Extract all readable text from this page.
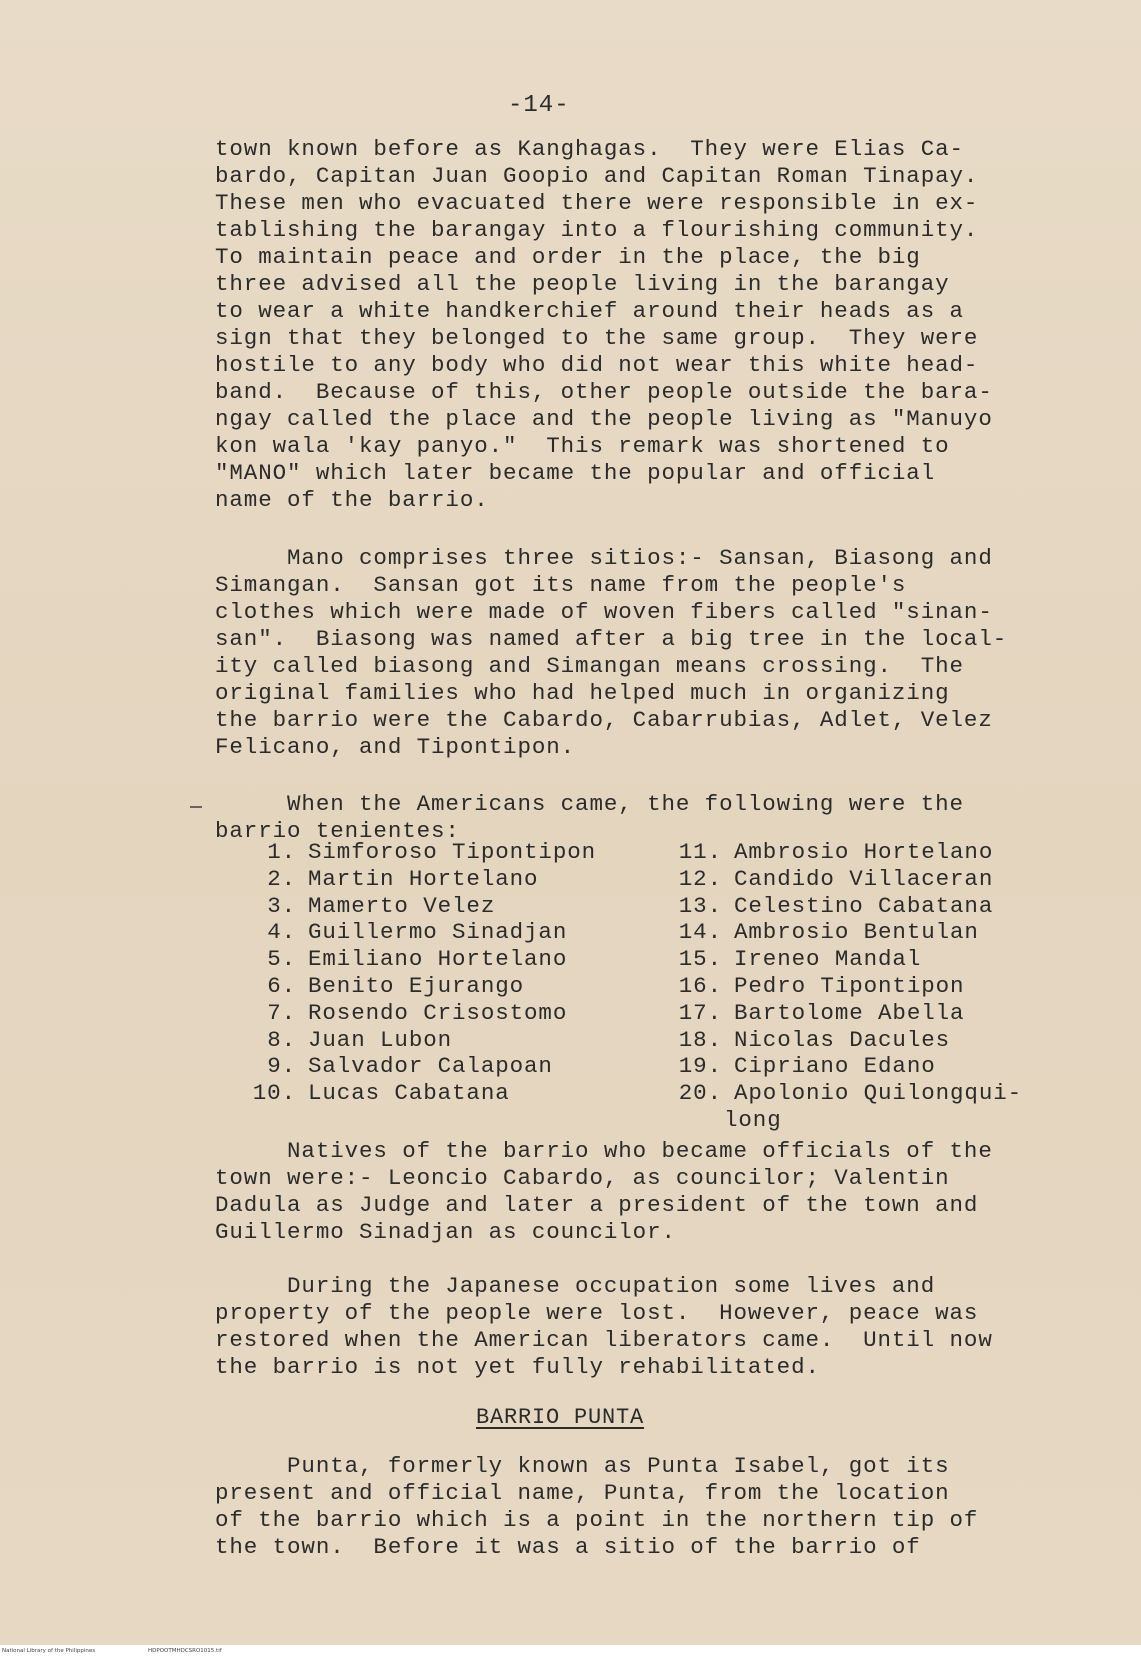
-14-
town known before as Kanghagas.  They were Elias Ca-
bardo, Capitan Juan Goopio and Capitan Roman Tinapay.
These men who evacuated there were responsible in ex-
tablishing the barangay into a flourishing community.
To maintain peace and order in the place, the big
three advised all the people living in the barangay
to wear a white handkerchief around their heads as a
sign that they belonged to the same group.  They were
hostile to any body who did not wear this white head-
band.  Because of this, other people outside the bara-
ngay called the place and the people living as "Manuyo
kon wala 'kay panyo."  This remark was shortened to
"MANO" which later became the popular and official
name of the barrio.
Mano comprises three sitios:- Sansan, Biasong and
Simangan.  Sansan got its name from the people's
clothes which were made of woven fibers called "sinan-
san".  Biasong was named after a big tree in the local-
ity called biasong and Simangan means crossing.  The
original families who had helped much in organizing
the barrio were the Cabardo, Cabarrubias, Adlet, Velez
Felicano, and Tipontipon.
When the Americans came, the following were the
barrio tenientes:
1. Simforoso Tipontipon
2. Martin Hortelano
3. Mamerto Velez
4. Guillermo Sinadjan
5. Emiliano Hortelano
6. Benito Ejurango
7. Rosendo Crisostomo
8. Juan Lubon
9. Salvador Calapoan
10. Lucas Cabatana
11. Ambrosio Hortelano
12. Candido Villaceran
13. Celestino Cabatana
14. Ambrosio Bentulan
15. Ireneo Mandal
16. Pedro Tipontipon
17. Bartolome Abella
18. Nicolas Dacules
19. Cipriano Edano
20. Apolonio Quilongqui-
long
Natives of the barrio who became officials of the
town were:- Leoncio Cabardo, as councilor; Valentin
Dadula as Judge and later a president of the town and
Guillermo Sinadjan as councilor.
During the Japanese occupation some lives and
property of the people were lost.  However, peace was
restored when the American liberators came.  Until now
the barrio is not yet fully rehabilitated.
BARRIO PUNTA
Punta, formerly known as Punta Isabel, got its
present and official name, Punta, from the location
of the barrio which is a point in the northern tip of
the town.  Before it was a sitio of the barrio of
National Library of the Philippines	HDPOOTMHDCSRO1015.tif
